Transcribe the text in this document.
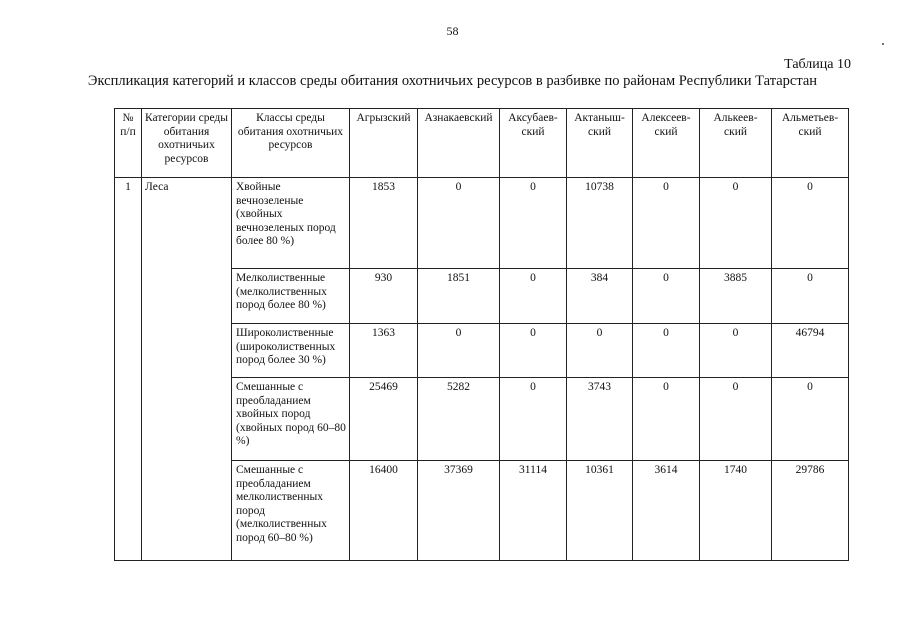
58
Таблица 10
Экспликация категорий и классов среды обитания охотничьих ресурсов в разбивке по районам Республики Татарстан
№ п/п	Категории среды обитания охотничьих ресурсов	Классы среды обитания охотничьих ресурсов	Агрызский	Азнакаевский	Аксубаев-ский	Актаныш-ский	Алексеев-ский	Алькеев-ский	Альметьев-ский
1	Леса	Хвойные вечнозеленые (хвойных вечнозеленых пород более 80 %)	1853	0	0	10738	0	0	0
		Мелколиственные (мелколиственных пород более 80 %)	930	1851	0	384	0	3885	0
		Широколиственные (широколиственных пород более 30 %)	1363	0	0	0	0	0	46794
		Смешанные с преобладанием хвойных пород (хвойных пород 60–80 %)	25469	5282	0	3743	0	0	0
		Смешанные с преобладанием мелколиственных пород (мелколиственных пород 60–80 %)	16400	37369	31114	10361	3614	1740	29786
